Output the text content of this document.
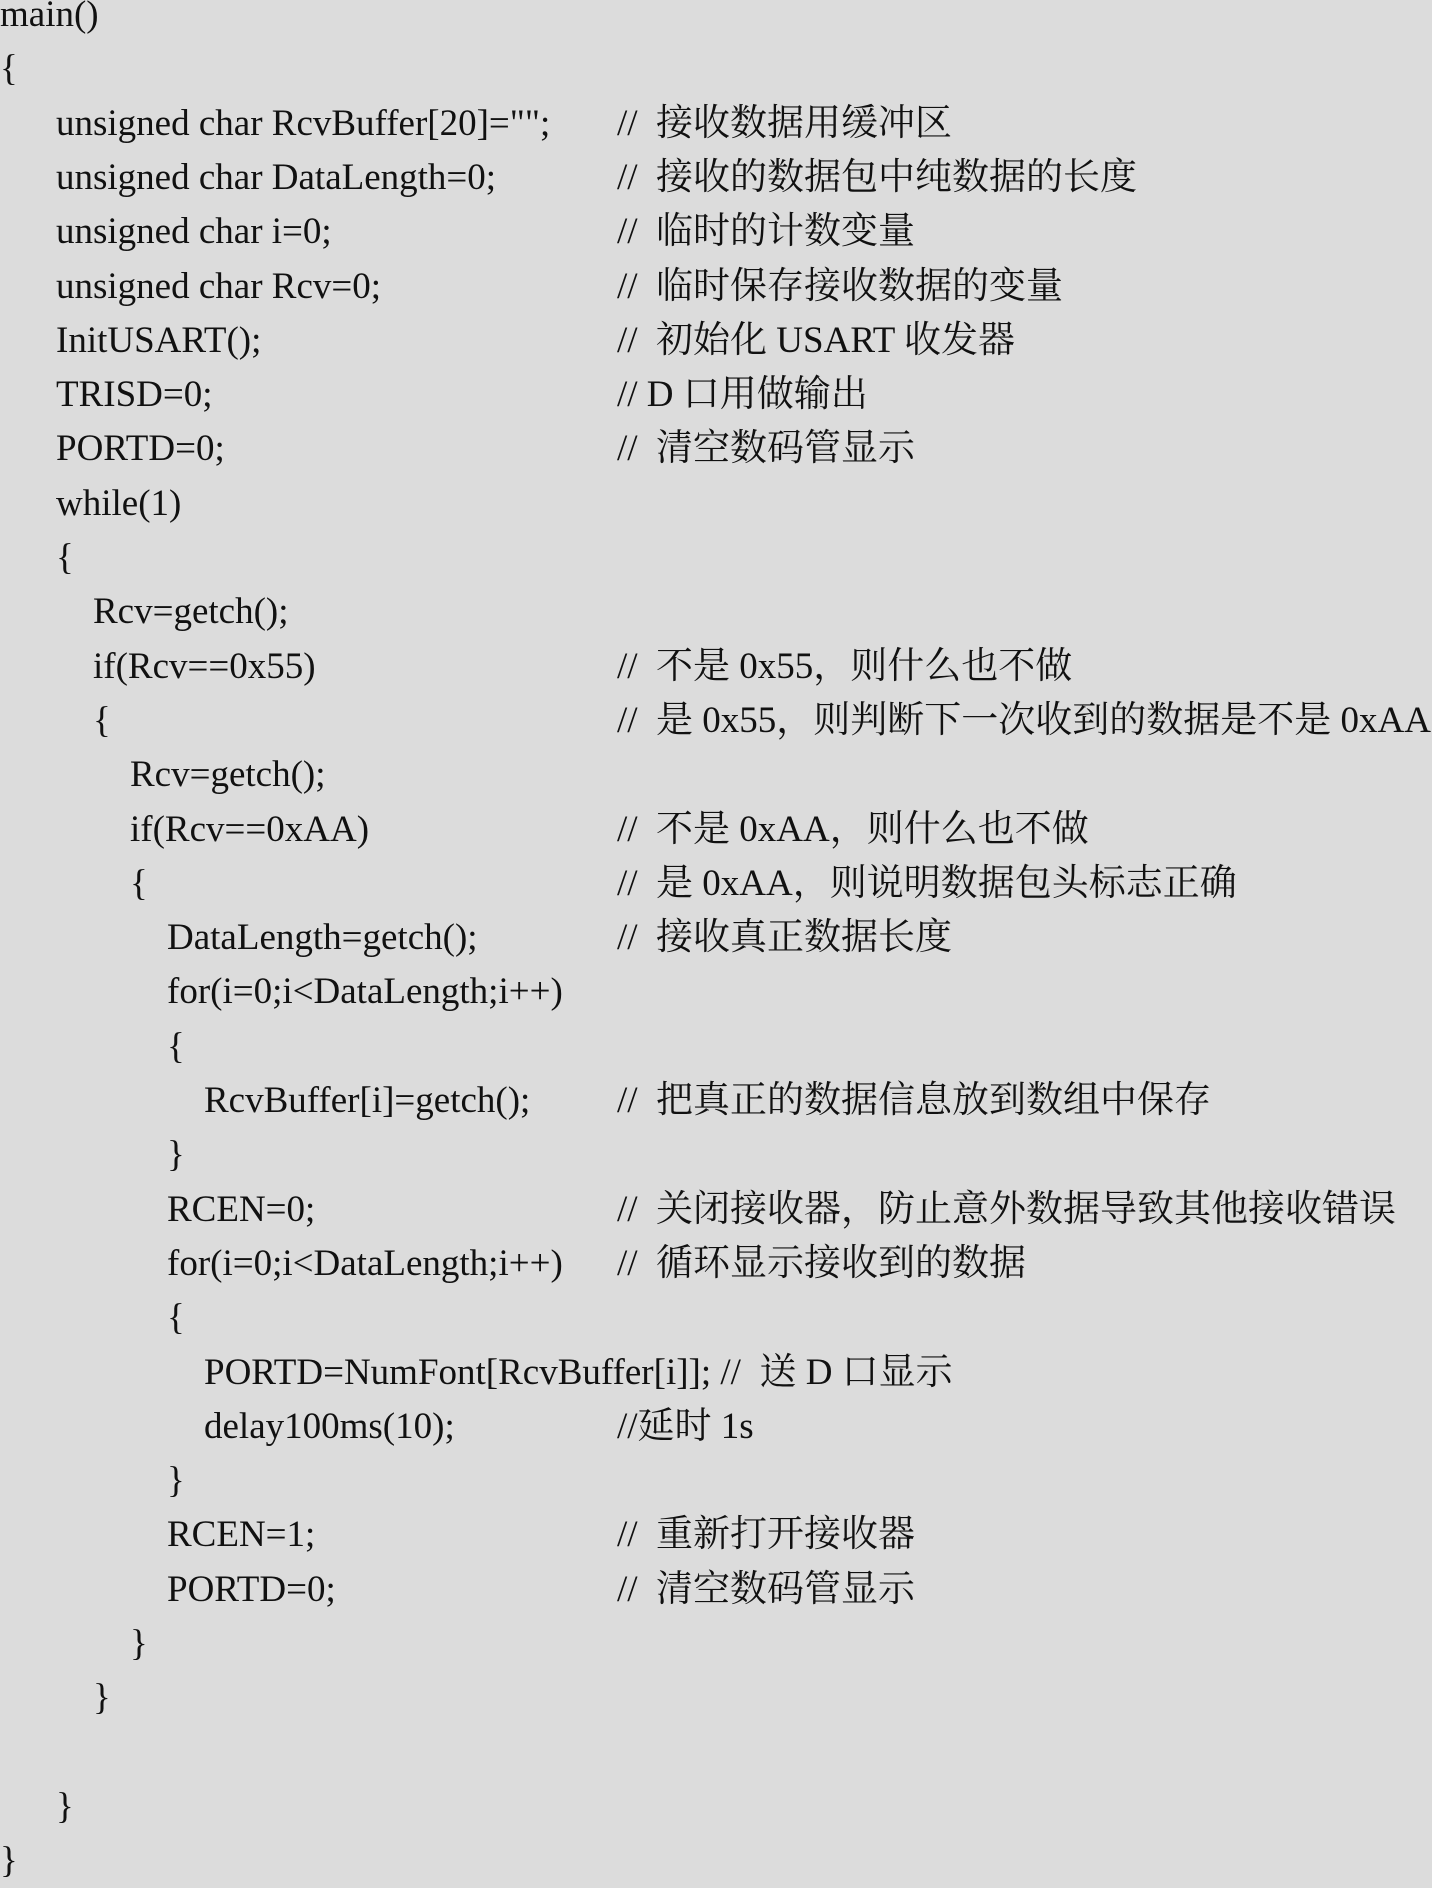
main()
{
unsigned char RcvBuffer[20]=""; //  接收数据用缓冲区
unsigned char DataLength=0;	//  接收的数据包中纯数据的长度
unsigned char i=0;	//  临时的计数变量
unsigned char Rcv=0;	//  临时保存接收数据的变量
InitUSART();	//  初始化 USART 收发器
TRISD=0;	// D 口用做输出
PORTD=0;	//  清空数码管显示
while(1)
{
Rcv=getch();
if(Rcv==0x55)	//  不是 0x55，则什么也不做
{	//  是 0x55，则判断下一次收到的数据是不是 0xAA
Rcv=getch();
if(Rcv==0xAA)	//  不是 0xAA，则什么也不做
{	//  是 0xAA，则说明数据包头标志正确
DataLength=getch();	//  接收真正数据长度
for(i=0;i<DataLength;i++)
{
RcvBuffer[i]=getch(); //  把真正的数据信息放到数组中保存
}
RCEN=0;	//  关闭接收器，防止意外数据导致其他接收错误
for(i=0;i<DataLength;i++) //  循环显示接收到的数据
{
PORTD=NumFont[RcvBuffer[i]]; //  送 D 口显示
delay100ms(10);	//延时 1s
}
RCEN=1;	//  重新打开接收器
PORTD=0;	//  清空数码管显示
}
}
}
}
